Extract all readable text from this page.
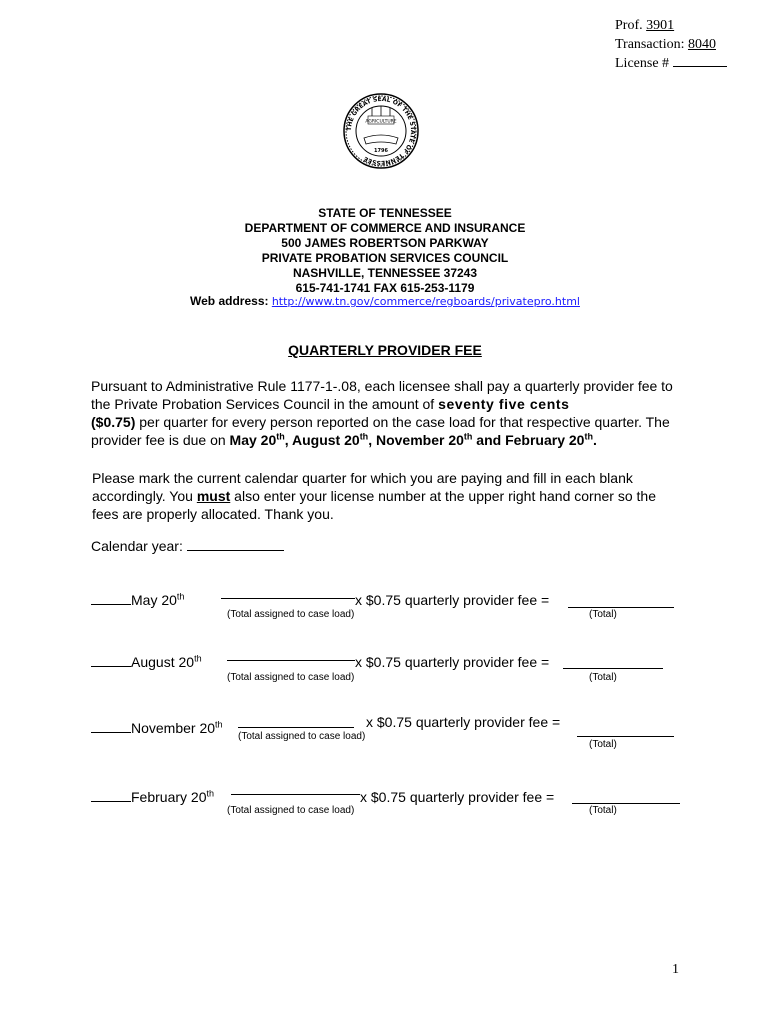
Prof. 3901
Transaction: 8040
License #
THE GREAT SEAL OF THE STATE OF TENNESSEE
AGRICULTURE
1796
STATE OF TENNESSEE
DEPARTMENT OF COMMERCE AND INSURANCE
500 JAMES ROBERTSON PARKWAY
PRIVATE PROBATION SERVICES COUNCIL
NASHVILLE, TENNESSEE 37243
615-741-1741 FAX 615-253-1179
Web address: http://www.tn.gov/commerce/regboards/privatepro.html
QUARTERLY PROVIDER FEE
Pursuant to Administrative Rule 1177-1-.08, each licensee shall pay a quarterly provider fee to the Private Probation Services Council in the amount of seventy five cents
($0.75) per quarter for every person reported on the case load for that respective quarter. The provider fee is due on May 20th, August 20th, November 20th and February 20th.
Please mark the current calendar quarter for which you are paying and fill in each blank accordingly. You must also enter your license number at the upper right hand corner so the fees are properly allocated. Thank you.
Calendar year:
May 20th	x $0.75 quarterly provider fee =
(Total assigned to case load)	(Total)
August 20th	x $0.75 quarterly provider fee =
(Total assigned to case load)	(Total)
November 20th	x $0.75 quarterly provider fee =
(Total assigned to case load)
(Total)
February 20th	x $0.75 quarterly provider fee =
(Total assigned to case load)	(Total)
1
